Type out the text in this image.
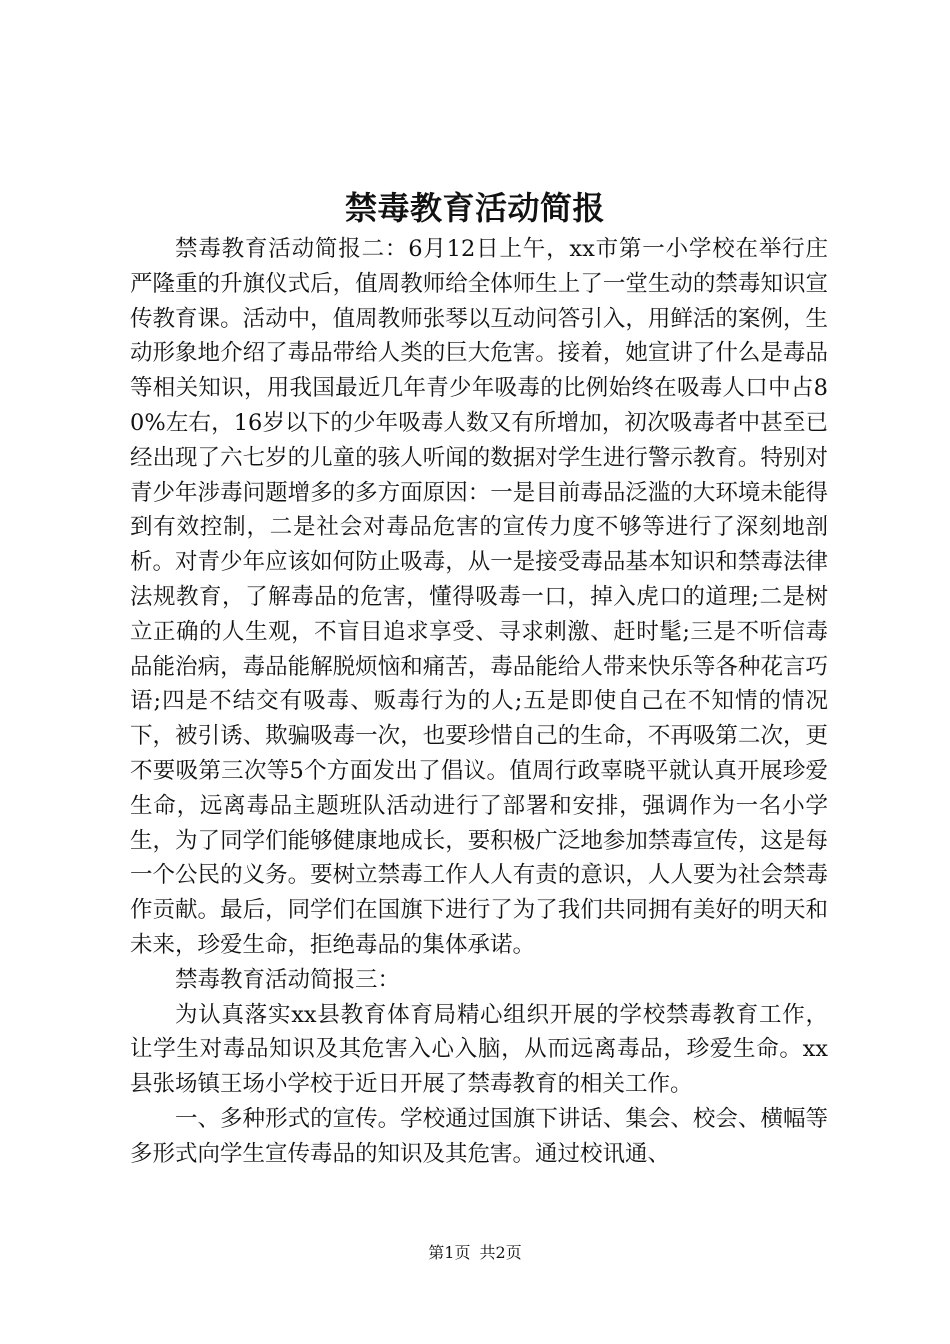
禁毒教育活动简报

禁毒教育活动简报二：6月12日上午，xx市第一小学校在举行庄严隆重的升旗仪式后，值周教师给全体师生上了一堂生动的禁毒知识宣传教育课。活动中，值周教师张琴以互动问答引入，用鲜活的案例，生动形象地介绍了毒品带给人类的巨大危害。接着，她宣讲了什么是毒品等相关知识，用我国最近几年青少年吸毒的比例始终在吸毒人口中占80%左右，16岁以下的少年吸毒人数又有所增加，初次吸毒者中甚至已经出现了六七岁的儿童的骇人听闻的数据对学生进行警示教育。特别对青少年涉毒问题增多的多方面原因：一是目前毒品泛滥的大环境未能得到有效控制，二是社会对毒品危害的宣传力度不够等进行了深刻地剖析。对青少年应该如何防止吸毒，从一是接受毒品基本知识和禁毒法律法规教育，了解毒品的危害，懂得吸毒一口，掉入虎口的道理;二是树立正确的人生观，不盲目追求享受、寻求刺激、赶时髦;三是不听信毒品能治病，毒品能解脱烦恼和痛苦，毒品能给人带来快乐等各种花言巧语;四是不结交有吸毒、贩毒行为的人;五是即使自己在不知情的情况下，被引诱、欺骗吸毒一次，也要珍惜自己的生命，不再吸第二次，更不要吸第三次等5个方面发出了倡议。值周行政辜晓平就认真开展珍爱生命，远离毒品主题班队活动进行了部署和安排，强调作为一名小学生，为了同学们能够健康地成长，要积极广泛地参加禁毒宣传，这是每一个公民的义务。要树立禁毒工作人人有责的意识，人人要为社会禁毒作贡献。最后，同学们在国旗下进行了为了我们共同拥有美好的明天和未来，珍爱生命，拒绝毒品的集体承诺。

禁毒教育活动简报三：

为认真落实xx县教育体育局精心组织开展的学校禁毒教育工作，让学生对毒品知识及其危害入心入脑，从而远离毒品，珍爱生命。xx县张场镇王场小学校于近日开展了禁毒教育的相关工作。

一、多种形式的宣传。学校通过国旗下讲话、集会、校会、横幅等多形式向学生宣传毒品的知识及其危害。通过校讯通、

第1页 共2页
